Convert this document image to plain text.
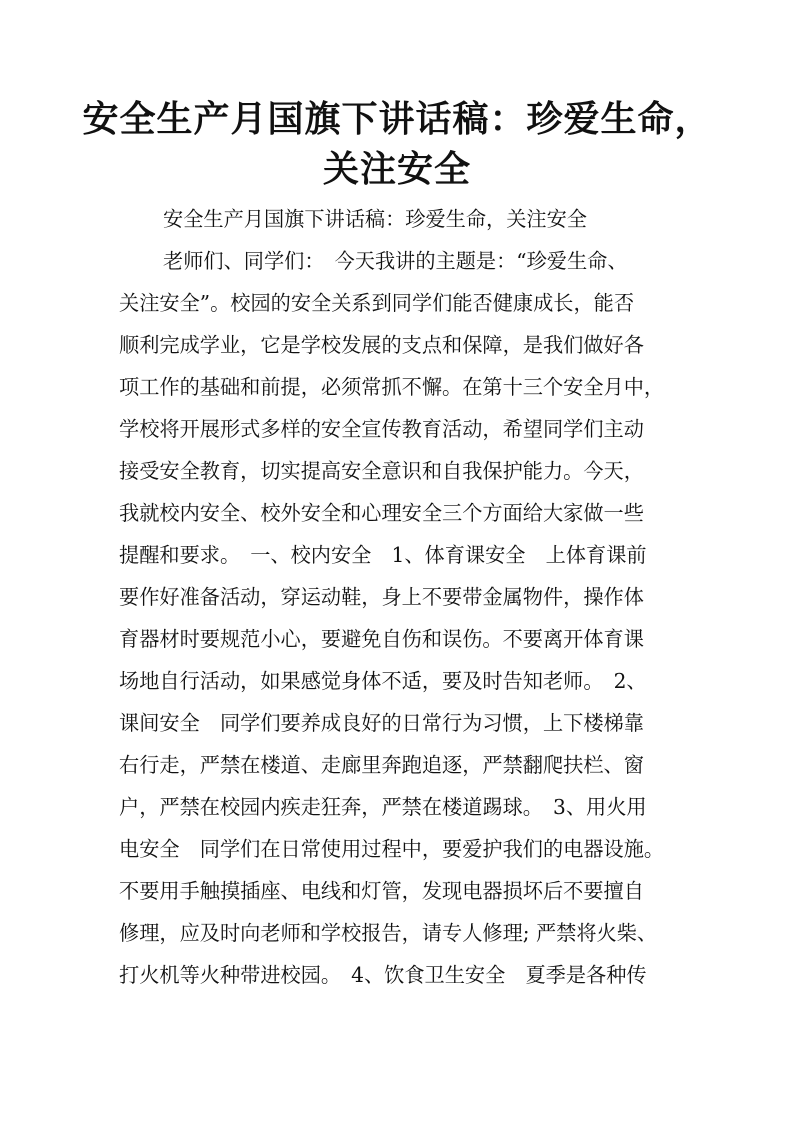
安全生产月国旗下讲话稿：珍爱生命，
关注安全
安全生产月国旗下讲话稿：珍爱生命，关注安全
老师们、同学们：　今天我讲的主题是：“珍爱生命、
关注安全”。校园的安全关系到同学们能否健康成长，能否
顺利完成学业，它是学校发展的支点和保障，是我们做好各
项工作的基础和前提，必须常抓不懈。在第十三个安全月中，
学校将开展形式多样的安全宣传教育活动，希望同学们主动
接受安全教育，切实提高安全意识和自我保护能力。今天，
我就校内安全、校外安全和心理安全三个方面给大家做一些
提醒和要求。　一、校内安全　1、体育课安全　上体育课前
要作好准备活动，穿运动鞋，身上不要带金属物件，操作体
育器材时要规范小心，要避免自伤和误伤。不要离开体育课
场地自行活动，如果感觉身体不适，要及时告知老师。　2、
课间安全　同学们要养成良好的日常行为习惯，上下楼梯靠
右行走，严禁在楼道、走廊里奔跑追逐，严禁翻爬扶栏、窗
户，严禁在校园内疾走狂奔，严禁在楼道踢球。　3、用火用
电安全　同学们在日常使用过程中，要爱护我们的电器设施。
不要用手触摸插座、电线和灯管，发现电器损坏后不要擅自
修理，应及时向老师和学校报告，请专人修理; 严禁将火柴、
打火机等火种带进校园。　4、饮食卫生安全　夏季是各种传
